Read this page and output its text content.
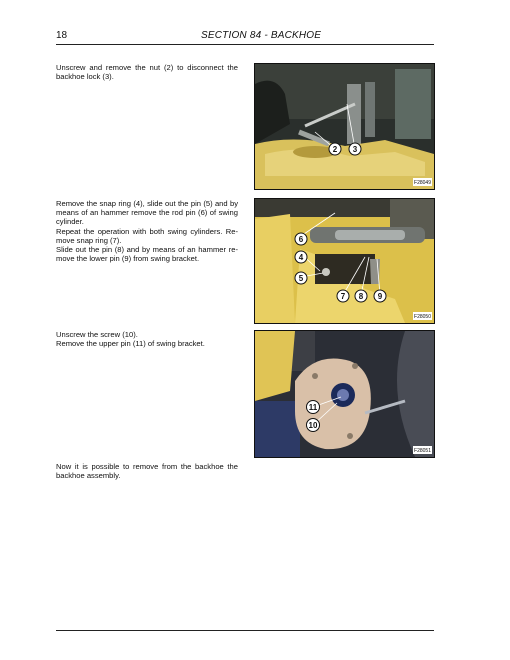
18	SECTION 84 - BACKHOE
Unscrew and remove the nut (2) to disconnect the backhoe lock (3).
Remove the snap ring (4), slide out the pin (5) and by means of an hammer remove the rod pin (6) of swing cylinder.
Repeat the operation with both swing cylinders. Re-move snap ring (7).
Slide out the pin (8) and by means of an hammer re-move the lower pin (9) from swing bracket.
Unscrew the screw (10).
Remove the upper pin (11) of swing bracket.
Now it is possible to remove from the backhoe the backhoe assembly.
2 3
F28049
6
4
5
7 8 9
F28050
11
10
F28051
